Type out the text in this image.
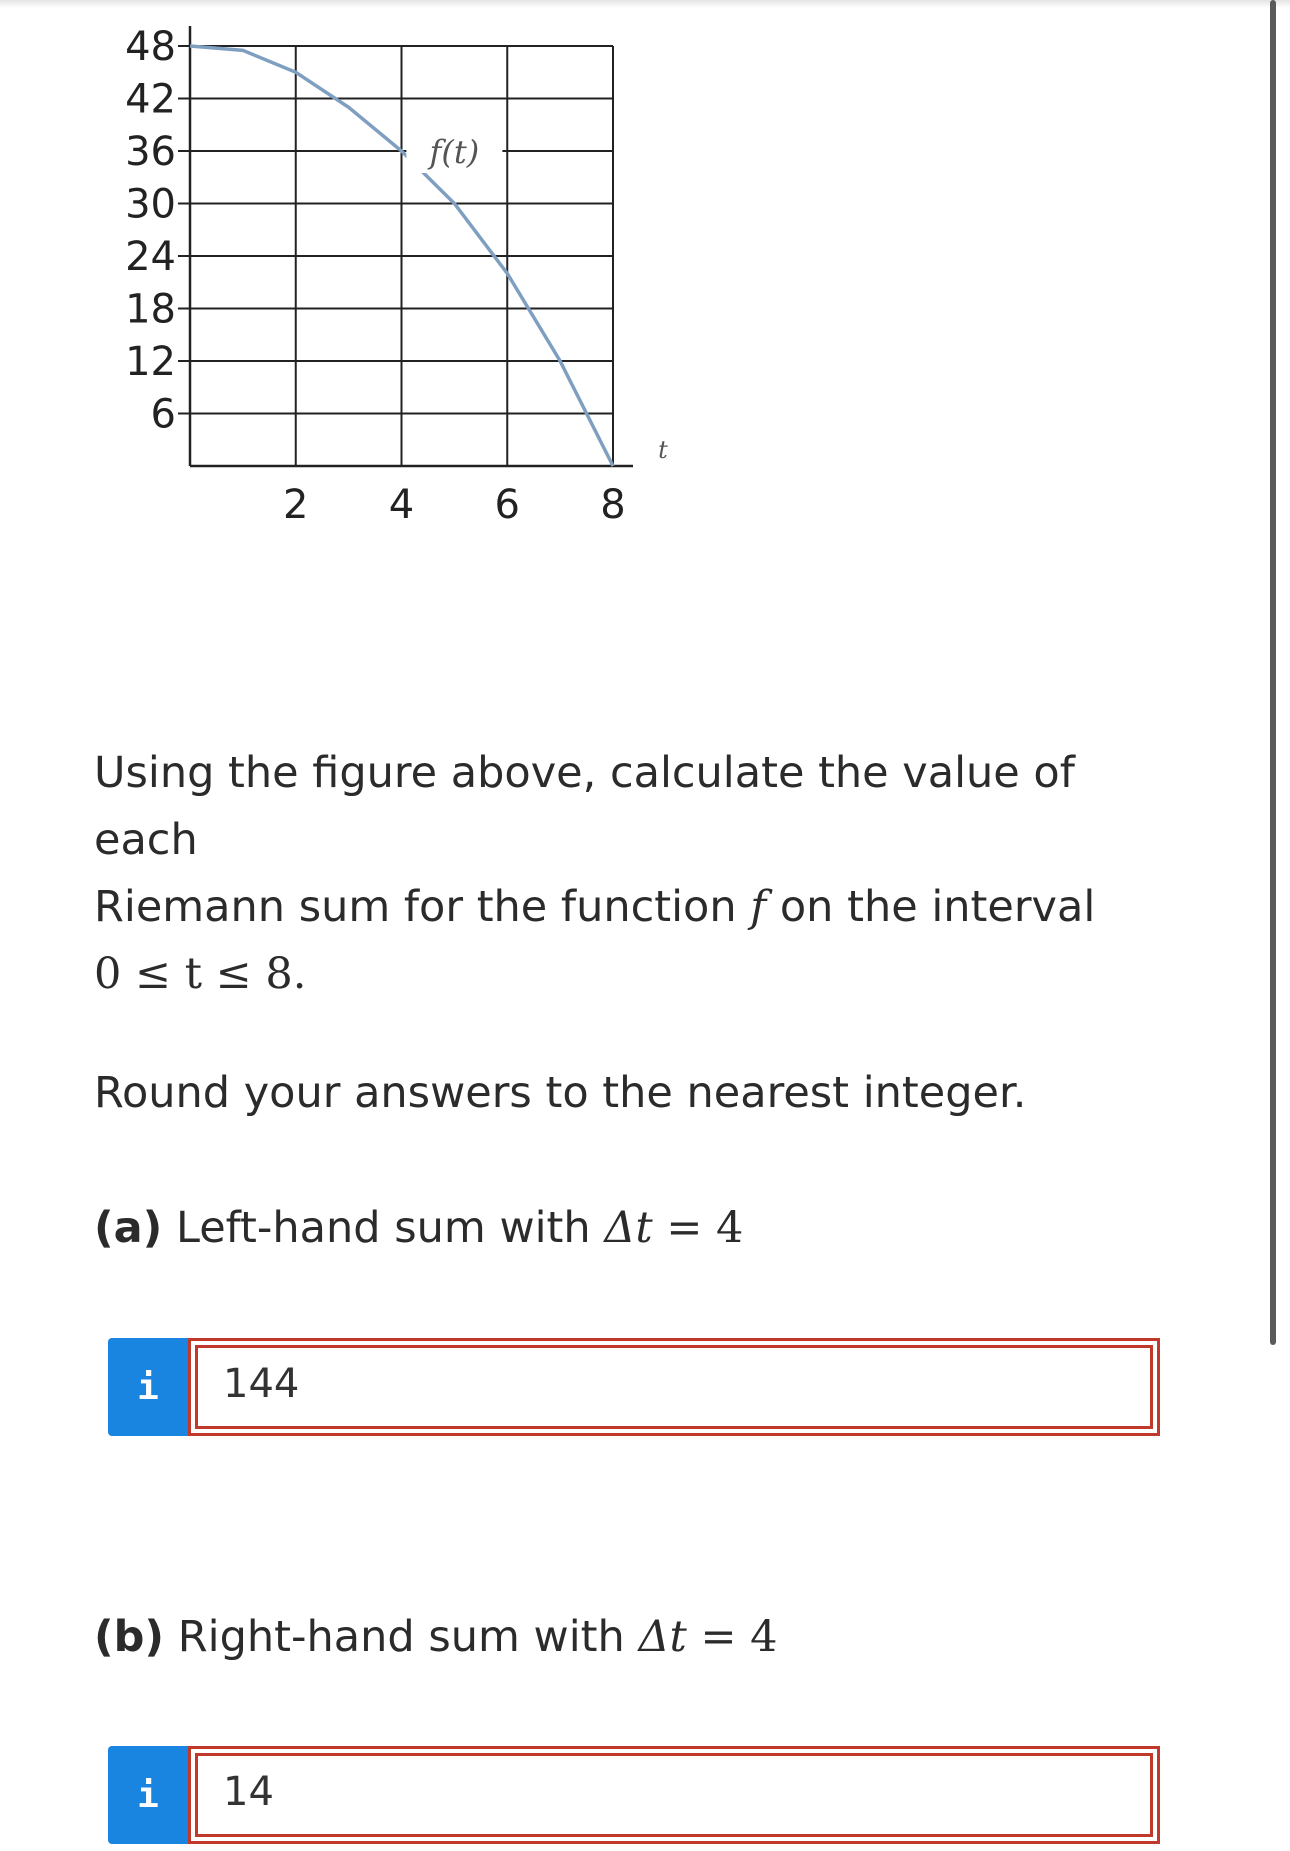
48
42
36
30
24
18
12
6
2 4 6 8
f(t)
t
Using the figure above, calculate the value of each
Riemann sum for the function f on the interval
0 ≤ t ≤ 8.
Round your answers to the nearest integer.
(a) Left-hand sum with Δt = 4
i	144
(b) Right-hand sum with Δt = 4
i	14
